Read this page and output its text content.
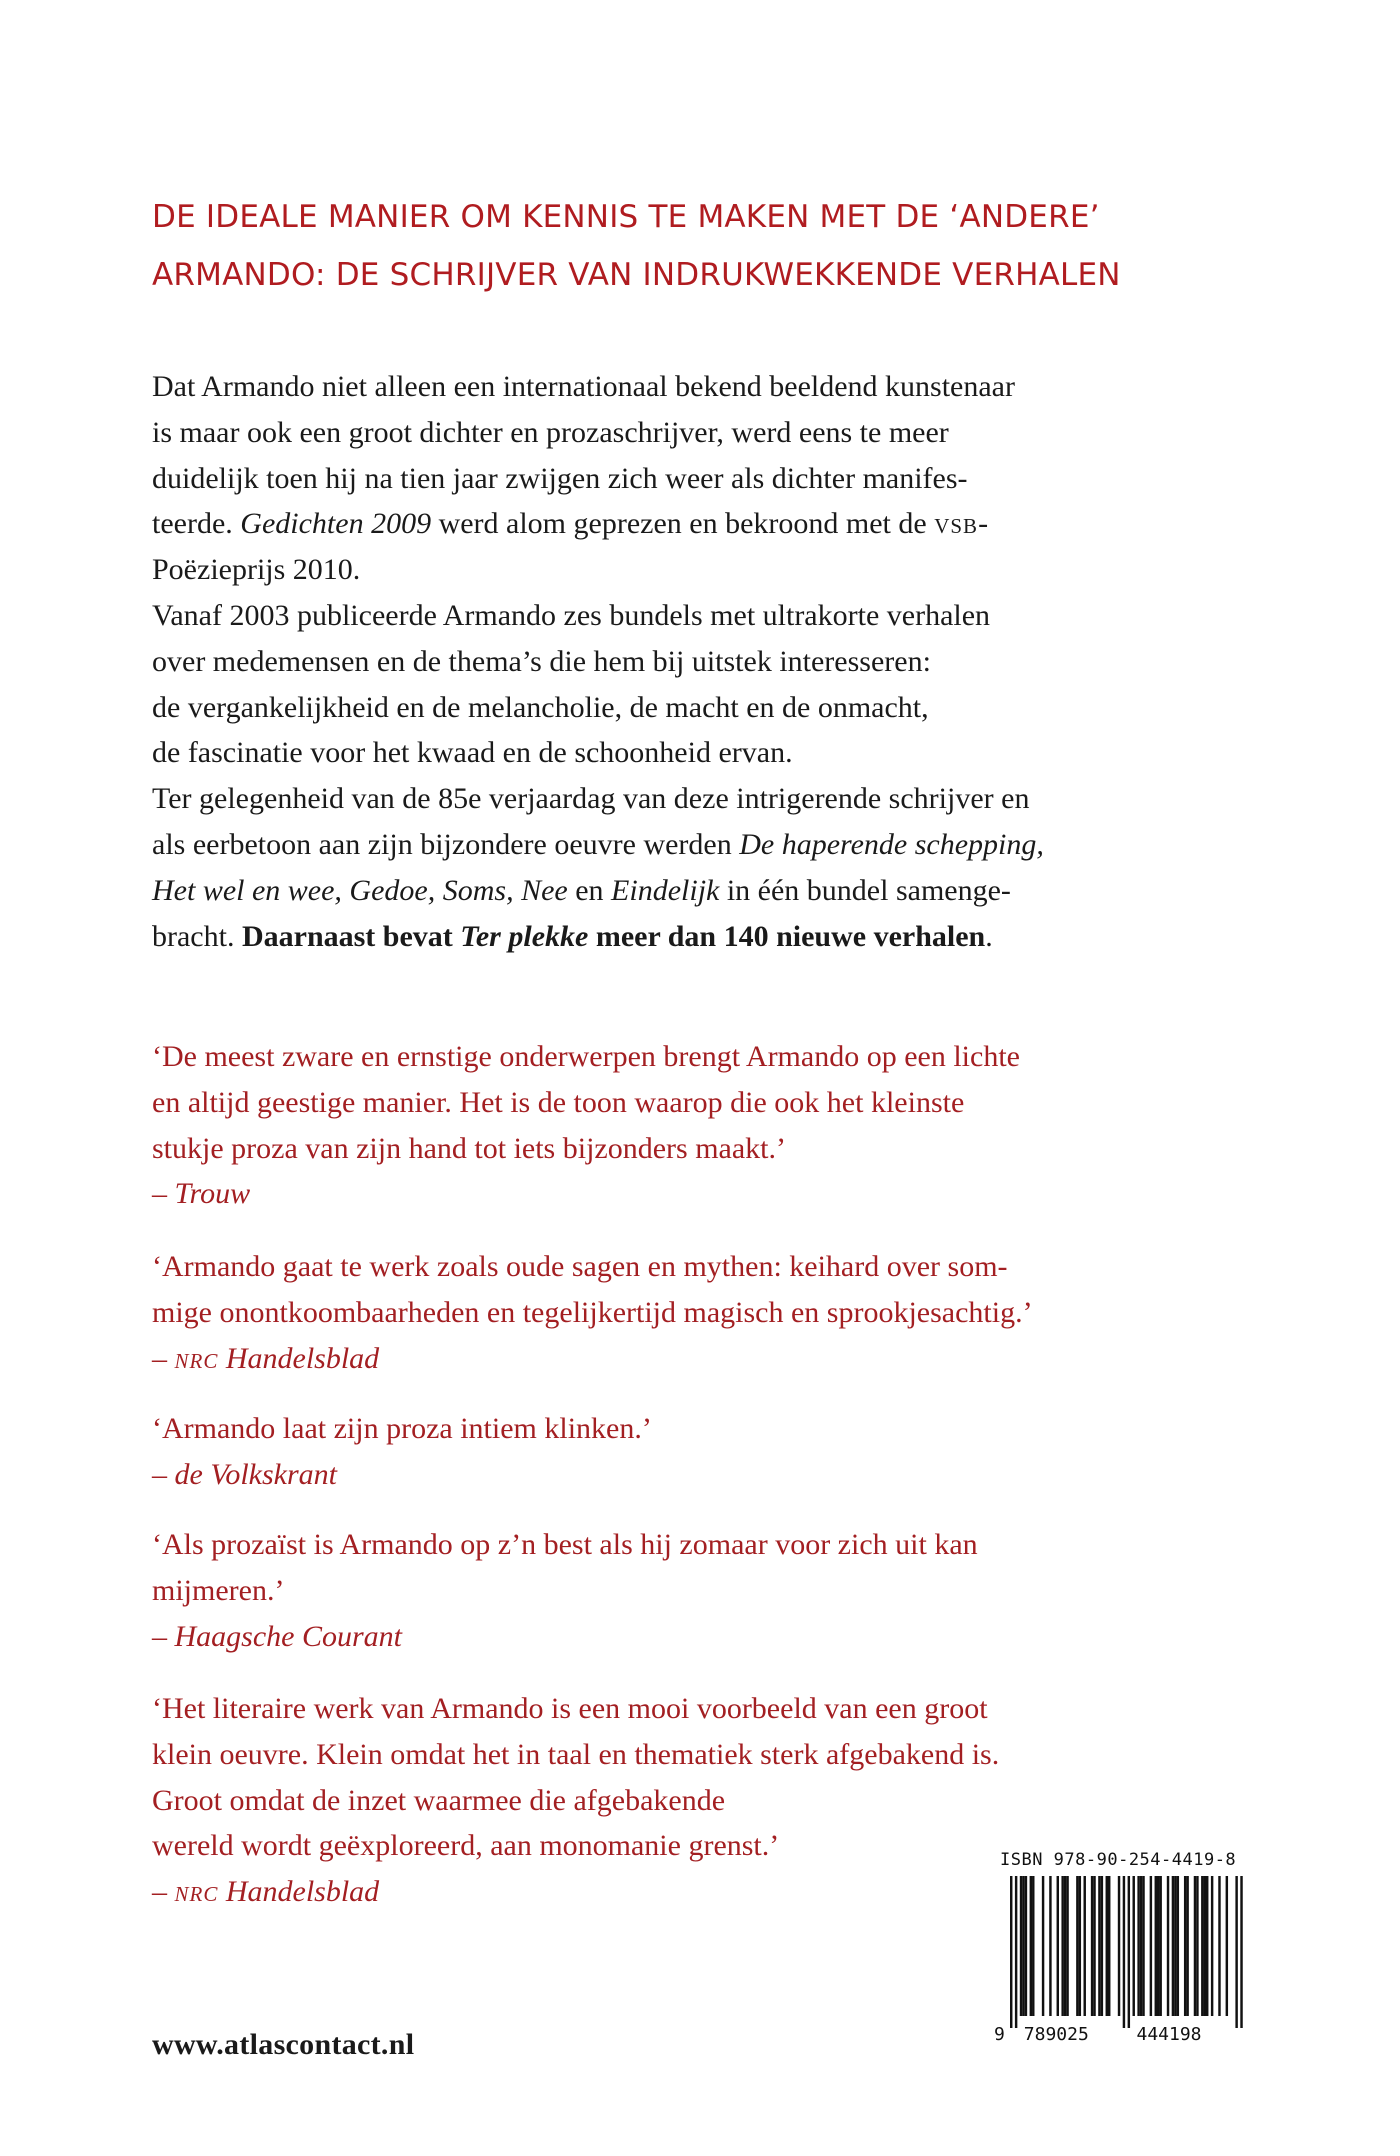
DE IDEALE MANIER OM KENNIS TE MAKEN MET DE ‘ANDERE’
ARMANDO: DE SCHRIJVER VAN INDRUKWEKKENDE VERHALEN
Dat Armando niet alleen een internationaal bekend beeldend kunstenaar
is maar ook een groot dichter en prozaschrijver, werd eens te meer
duidelijk toen hij na tien jaar zwijgen zich weer als dichter manifes-
teerde. Gedichten 2009 werd alom geprezen en bekroond met de vsb-
Poëzieprijs 2010.
Vanaf 2003 publiceerde Armando zes bundels met ultrakorte verhalen
over medemensen en de thema’s die hem bij uitstek interesseren:
de vergankelijkheid en de melancholie, de macht en de onmacht,
de fascinatie voor het kwaad en de schoonheid ervan.
Ter gelegenheid van de 85e verjaardag van deze intrigerende schrijver en
als eerbetoon aan zijn bijzondere oeuvre werden De haperende schepping,
Het wel en wee, Gedoe, Soms, Nee en Eindelijk in één bundel samenge-
bracht. Daarnaast bevat Ter plekke meer dan 140 nieuwe verhalen.
‘De meest zware en ernstige onderwerpen brengt Armando op een lichte
en altijd geestige manier. Het is de toon waarop die ook het kleinste
stukje proza van zijn hand tot iets bijzonders maakt.’
– Trouw
‘Armando gaat te werk zoals oude sagen en mythen: keihard over som-
mige onontkoombaarheden en tegelijkertijd magisch en sprookjesachtig.’
– nrc Handelsblad
‘Armando laat zijn proza intiem klinken.’
– de Volkskrant
‘Als prozaïst is Armando op z’n best als hij zomaar voor zich uit kan
mijmeren.’
– Haagsche Courant
‘Het literaire werk van Armando is een mooi voorbeeld van een groot
klein oeuvre. Klein omdat het in taal en thematiek sterk afgebakend is.
Groot omdat de inzet waarmee die afgebakende
wereld wordt geëxploreerd, aan monomanie grenst.’
– nrc Handelsblad
www.atlascontact.nl
ISBN 978-90-254-4419-8
9 789025	444198
